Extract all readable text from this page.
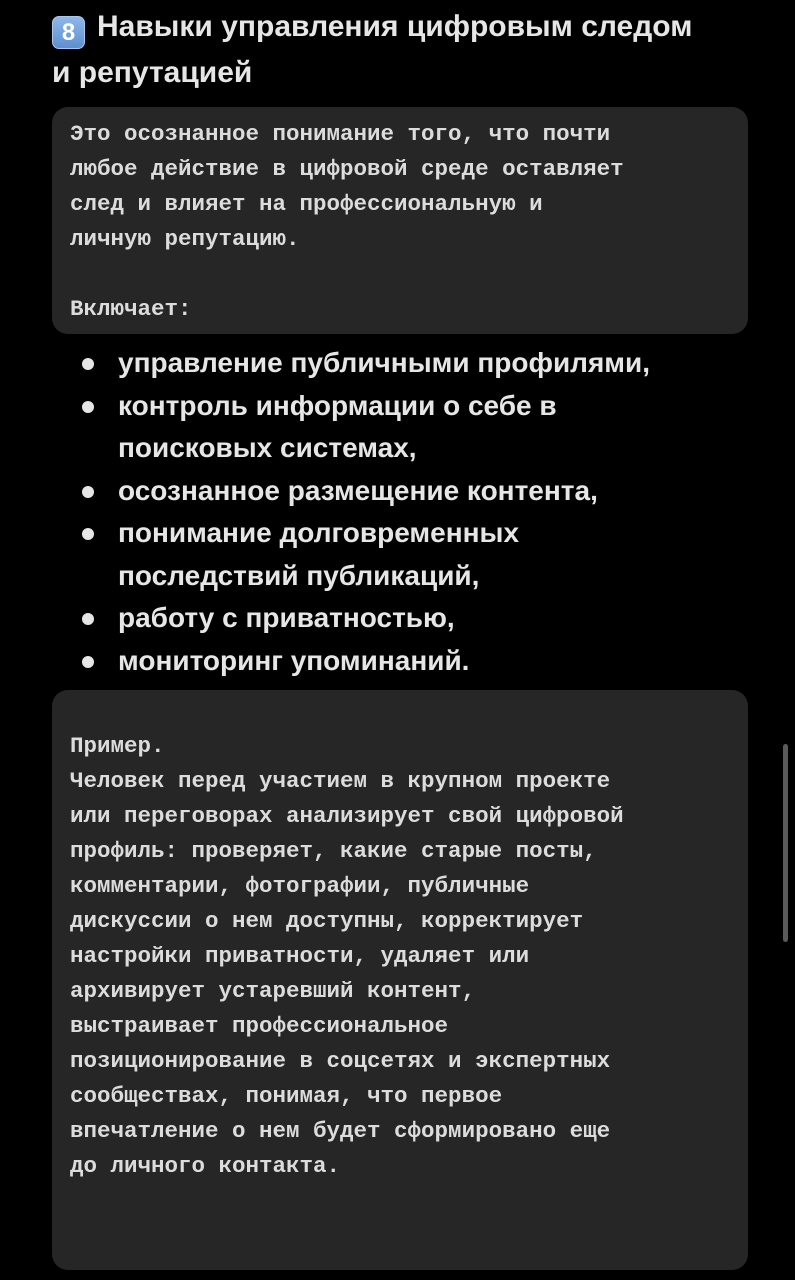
8 Навыки управления цифровым следом
и репутацией

Это осознанное понимание того, что почти
любое действие в цифровой среде оставляет
след и влияет на профессиональную и
личную репутацию.
Включает:

управление публичными профилями,
контроль информации о себе в
поисковых системах,
осознанное размещение контента,
понимание долговременных
последствий публикаций,
работу с приватностью,
мониторинг упоминаний.

Пример.
Человек перед участием в крупном проекте
или переговорах анализирует свой цифровой
профиль: проверяет, какие старые посты,
комментарии, фотографии, публичные
дискуссии о нем доступны, корректирует
настройки приватности, удаляет или
архивирует устаревший контент,
выстраивает профессиональное
позиционирование в соцсетях и экспертных
сообществах, понимая, что первое
впечатление о нем будет сформировано еще
до личного контакта.
